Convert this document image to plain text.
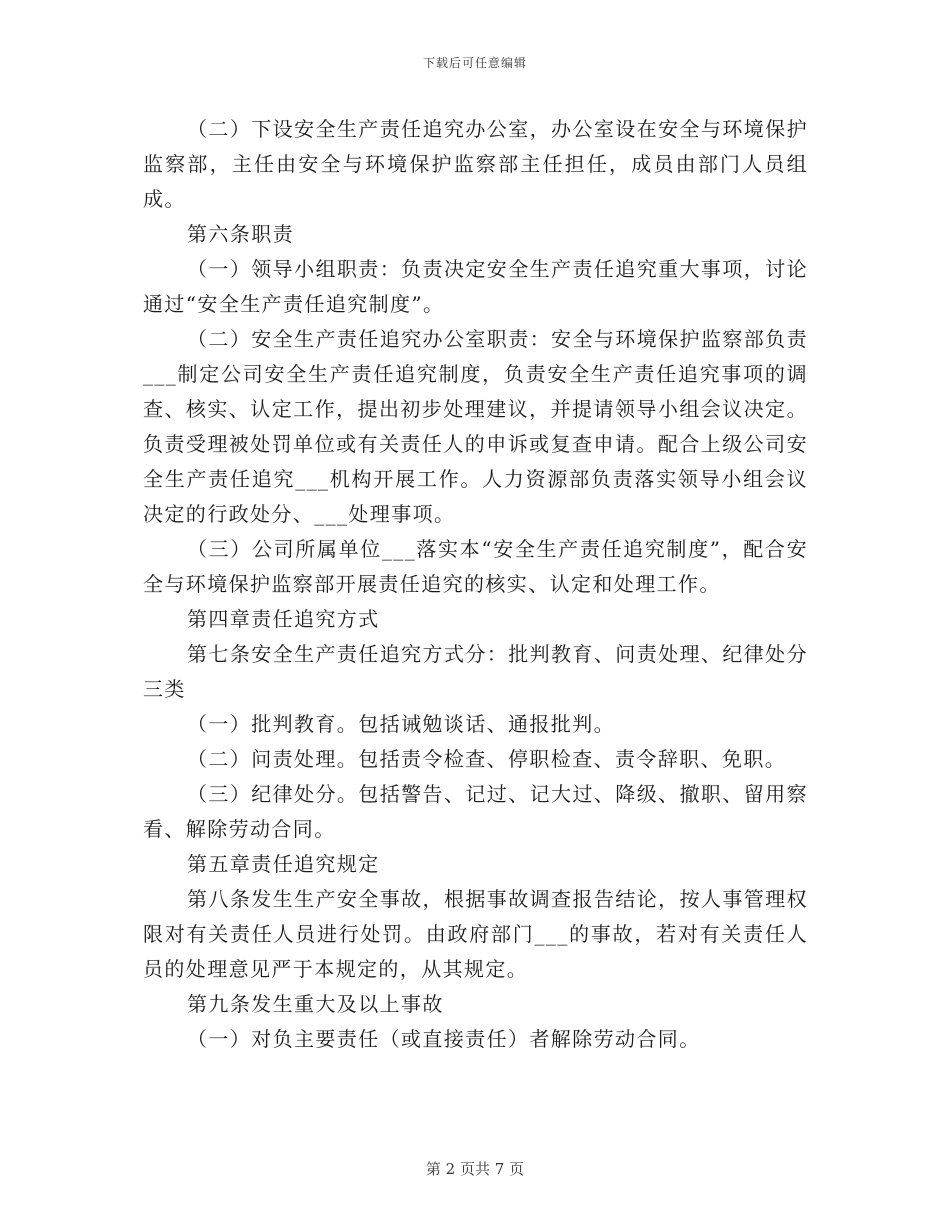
下载后可任意编辑

（二）下设安全生产责任追究办公室，办公室设在安全与环境保护监察部，主任由安全与环境保护监察部主任担任，成员由部门人员组成。

第六条职责

（一）领导小组职责：负责决定安全生产责任追究重大事项，讨论通过“安全生产责任追究制度”。

（二）安全生产责任追究办公室职责：安全与环境保护监察部负责___制定公司安全生产责任追究制度，负责安全生产责任追究事项的调查、核实、认定工作，提出初步处理建议，并提请领导小组会议决定。负责受理被处罚单位或有关责任人的申诉或复查申请。配合上级公司安全生产责任追究___机构开展工作。人力资源部负责落实领导小组会议决定的行政处分、___处理事项。

（三）公司所属单位___落实本“安全生产责任追究制度”，配合安全与环境保护监察部开展责任追究的核实、认定和处理工作。

第四章责任追究方式

第七条安全生产责任追究方式分：批判教育、问责处理、纪律处分三类

（一）批判教育。包括诫勉谈话、通报批判。

（二）问责处理。包括责令检查、停职检查、责令辞职、免职。

（三）纪律处分。包括警告、记过、记大过、降级、撤职、留用察看、解除劳动合同。

第五章责任追究规定

第八条发生生产安全事故，根据事故调查报告结论，按人事管理权限对有关责任人员进行处罚。由政府部门___的事故，若对有关责任人员的处理意见严于本规定的，从其规定。

第九条发生重大及以上事故

（一）对负主要责任（或直接责任）者解除劳动合同。

第 2 页共 7 页
